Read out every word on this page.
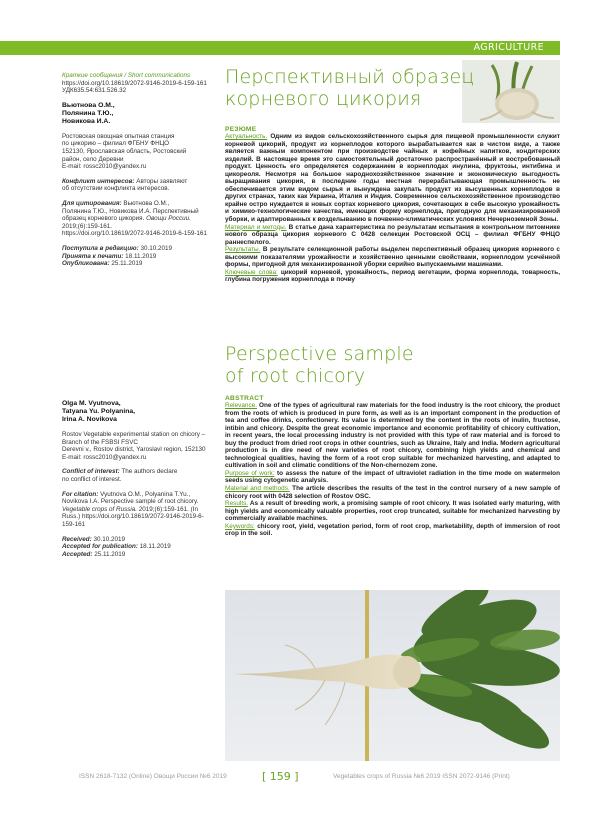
AGRICULTURE

Краткие сообщения / Short communications

https://doi.org/10.18619/2072-9146-2019-6-159-161

УДК635.54:631.526.32

Вьютнова О.М.,

Полянина Т.Ю.,

Новикова И.А.

Ростовская овощная опытная станция

по цикорию – филиал ФГБНУ ФНЦО

152130, Ярославская область, Ростовский

район, село Деревни

E-mail: rossc2010@yandex.ru

Конфликт интересов: Авторы заявляют

об отсутствии конфликта интересов.

Для цитирования: Вьютнова О.М.,

Полянина Т.Ю., Новикова И.А. Перспективный

образец корневого цикория. Овощи России.

2019;(6):159-161.

https://doi.org/10.18619/2072-9146-2019-6-159-161

Поступила в редакцию: 30.10.2019

Принята к печати: 18.11.2019

Опубликована: 25.11.2019

Olga M. Vyutnova,

Tatyana Yu. Polyanina,

Irina A. Novikova

Rostov Vegetable experimental station on chicory –

Branch of the FSBSI FSVC

Derevni v., Rostov district, Yaroslavl region, 152130

E-mail: rossc2010@yandex.ru

Conflict of interest: The authors declare

no conflict of interest.

For citation: Vyutnova O.M., Polyanina T.Yu.,

Novikova I.A. Perspective sample of root chicory.

Vegetable crops of Russia. 2019;(6):159-161. (In

Russ.) https://doi.org/10.18619/2072-9146-2019-6-

159-161

Received: 30.10.2019

Accepted for publication: 18.11.2019

Accepted: 25.11.2019

Перспективный образец
корневого цикория

РЕЗЮМЕ

Актуальность. Одним из видов сельскохозяйственного сырья для пищевой промышленности служит корневой цикорий, продукт из корнеплодов которого вырабатывается как в чистом виде, а также является важным компонентом при производстве чайных и кофейных напитков, кондитерских изделий. В настоящее время это самостоятельный достаточно распространённый и востребованный продукт. Ценность его определяется содержанием в корнеплодах инулина, фруктозы, интибина и цикореоля. Несмотря на большое народнохозяйственное значение и экономическую выгодность выращивания цикория, в последние годы местная перерабатывающая промышленность не обеспечивается этим видом сырья и вынуждена закупать продукт из высушенных корнеплодов в других странах, таких как Украина, Италия и Индия. Современное сельскохозяйственное производство крайне остро нуждается в новых сортах корневого цикория, сочетающих в себе высокую урожайность и химико-технологические качества, имеющих форму корнеплода, пригодную для механизированной уборки, и адаптированных к возделыванию в почвенно-климатических условиях Нечерноземной Зоны.

Материал и методы. В статье дана характеристика по результатам испытания в контрольном питомнике нового образца цикория корневого С 0428 селекции Ростовской ОСЦ – филиал ФГБНУ ФНЦО раннеспелого.

Результаты. В результате селекционной работы выделен перспективный образец цикория корневого с высокими показателями урожайности и хозяйственно ценными свойствами, корнеплодом усечённой формы, пригодной для механизированной уборки серийно выпускаемыми машинами.

Ключевые слова: цикорий корневой, урожайность, период вегетации, форма корнеплода, товарность, глубина погружения корнеплода в почву

Perspective sample
of root chicory

ABSTRACT

Relevance. One of the types of agricultural raw materials for the food industry is the root chicory, the product from the roots of which is produced in pure form, as well as is an important component in the production of tea and coffee drinks, confectionery. Its value is determined by the content in the roots of inulin, fructose, intibin and chicory. Despite the great economic importance and economic profitability of chicory cultivation, in recent years, the local processing industry is not provided with this type of raw material and is forced to buy the product from dried root crops in other countries, such as Ukraine, Italy and India. Modern agricultural production is in dire need of new varieties of root chicory, combining high yields and chemical and technological qualities, having the form of a root crop suitable for mechanized harvesting, and adapted to cultivation in soil and climatic conditions of the Non-chernozem zone.

Purpose of work: to assess the nature of the impact of ultraviolet radiation in the time mode on watermelon seeds using cytogenetic analysis.

Material and methods. The article describes the results of the test in the control nursery of a new sample of chicory root with 0428 selection of Rostov OSC.

Results. As a result of breeding work, a promising sample of root chicory. It was isolated early maturing, with high yields and economically valuable properties, root crop truncated, suitable for mechanized harvesting by commercially available machines.

Keywords: chicory root, yield, vegetation period, form of root crop, marketability, depth of immersion of root crop in the soil.

ISSN 2618-7132 (Online) Овощи России №6 2019	[ 159 ]	Vegetables crops of Russia №6 2019 ISSN 2072-9146 (Print)
